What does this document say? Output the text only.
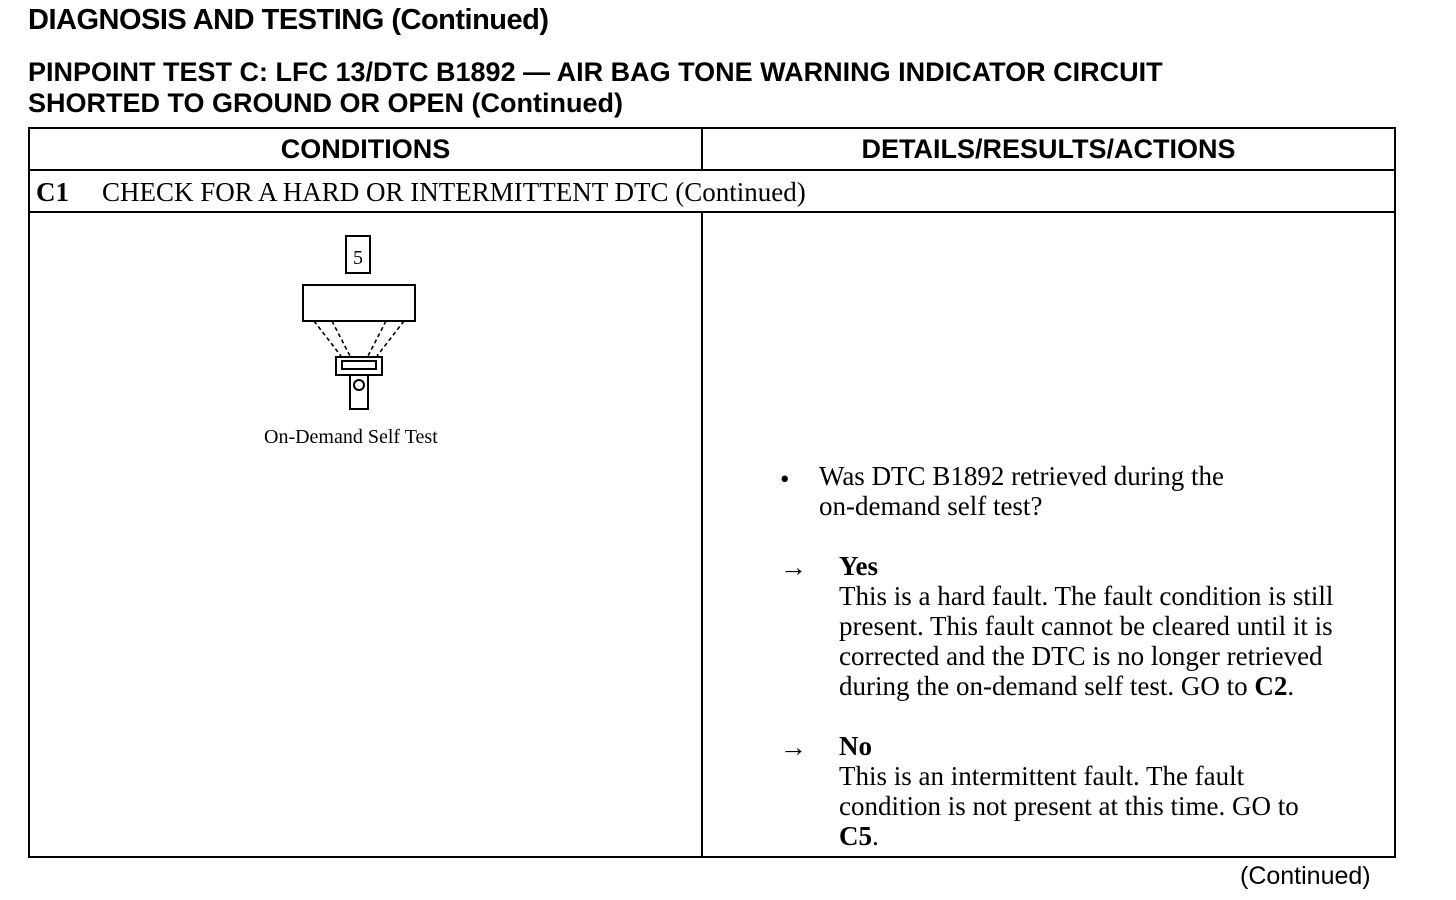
DIAGNOSIS AND TESTING (Continued)
PINPOINT TEST C: LFC 13/DTC B1892 — AIR BAG TONE WARNING INDICATOR CIRCUIT
SHORTED TO GROUND OR OPEN (Continued)
CONDITIONS	DETAILS/RESULTS/ACTIONS
C1 CHECK FOR A HARD OR INTERMITTENT DTC (Continued)
5
On-Demand Self Test
• Was DTC B1892 retrieved during the
on-demand self test?
→ Yes
This is a hard fault. The fault condition is still
present. This fault cannot be cleared until it is
corrected and the DTC is no longer retrieved
during the on-demand self test. GO to C2.
→ No
This is an intermittent fault. The fault
condition is not present at this time. GO to
C5.
(Continued)
